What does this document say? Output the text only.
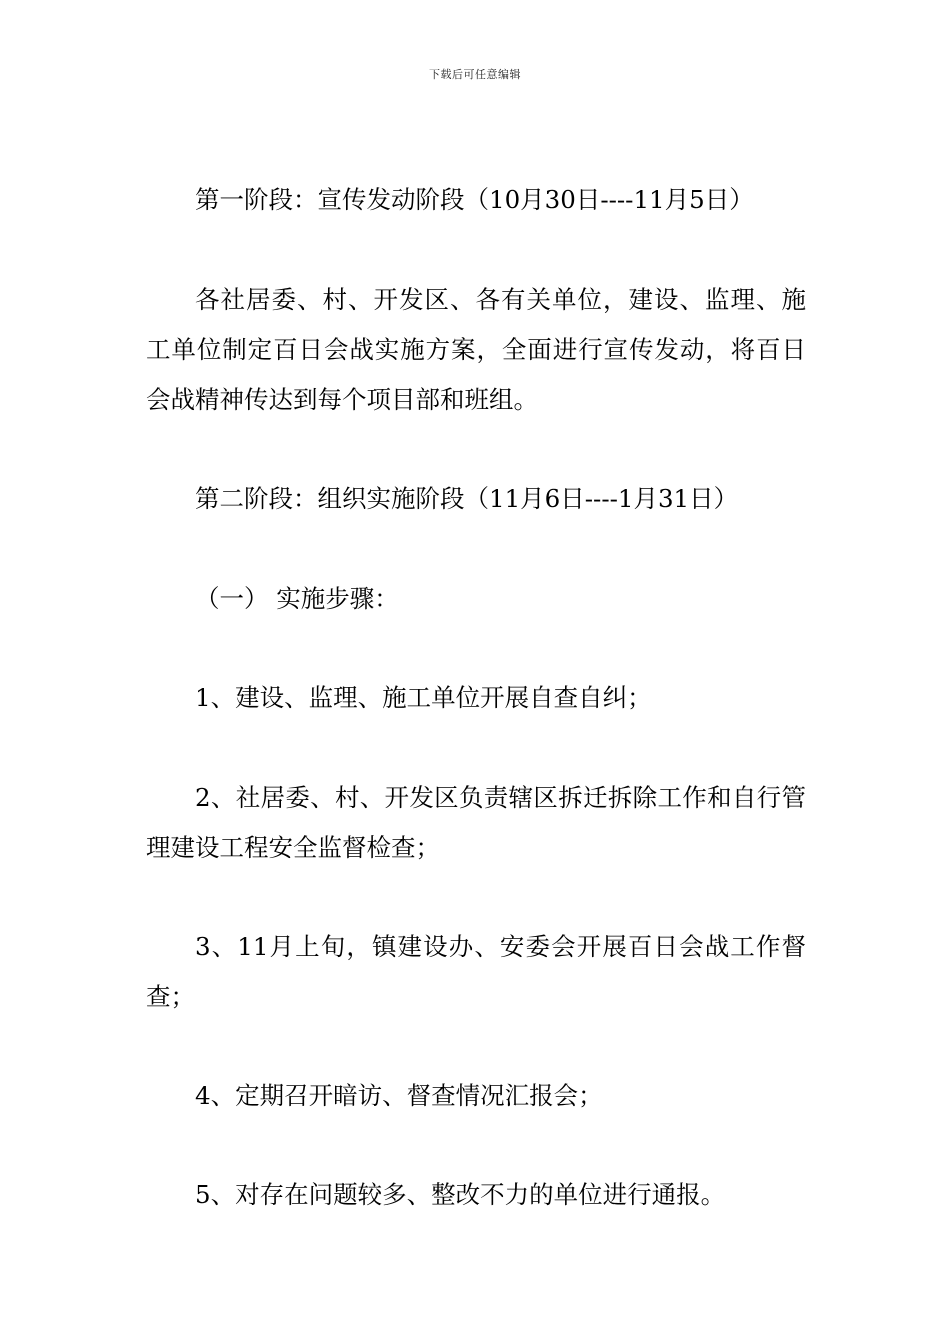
下载后可任意编辑

第一阶段：宣传发动阶段（10月30日----11月5日）

各社居委、村、开发区、各有关单位，建设、监理、施工单位制定百日会战实施方案，全面进行宣传发动，将百日会战精神传达到每个项目部和班组。

第二阶段：组织实施阶段（11月6日----1月31日）

（一） 实施步骤：

1、建设、监理、施工单位开展自查自纠；

2、社居委、村、开发区负责辖区拆迁拆除工作和自行管理建设工程安全监督检查；

3、11月上旬，镇建设办、安委会开展百日会战工作督查；

4、定期召开暗访、督查情况汇报会；

5、对存在问题较多、整改不力的单位进行通报。
